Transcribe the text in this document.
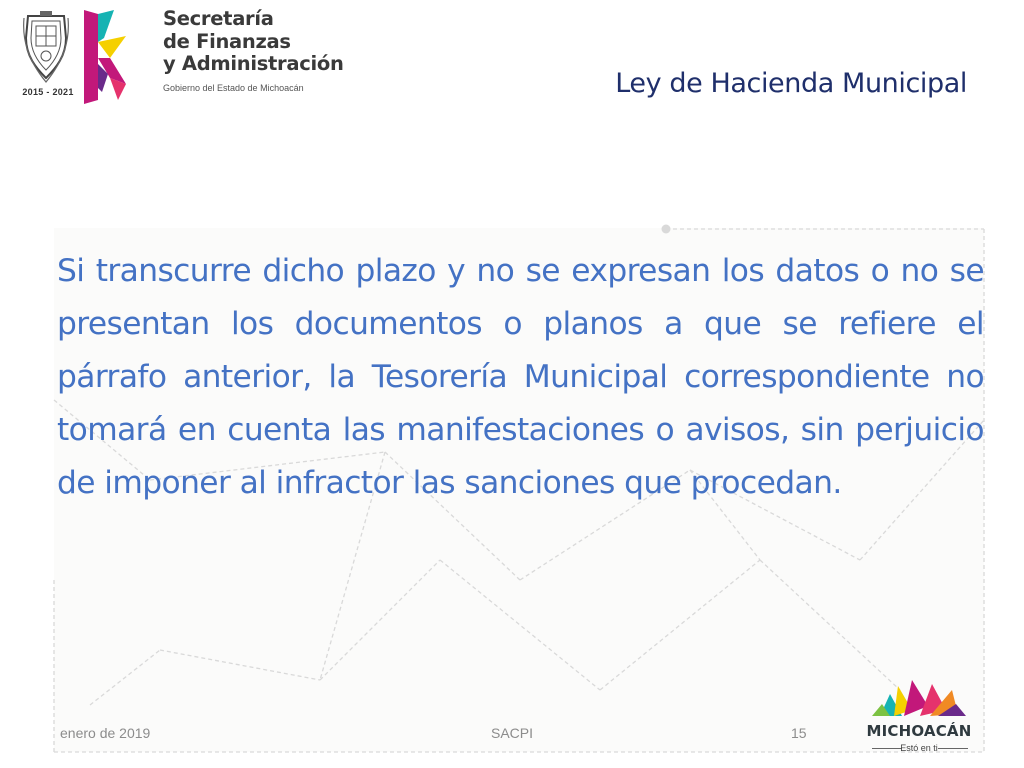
2015 - 2021
Secretaría
de Finanzas
y Administración
Gobierno del Estado de Michoacán	Ley de Hacienda Municipal
Si transcurre dicho plazo y no se expresan los datos o no se presentan los documentos o planos a que se refiere el párrafo anterior, la Tesorería Municipal correspondiente no tomará en cuenta las manifestaciones o avisos, sin perjuicio de imponer al infractor las sanciones que procedan.
enero de 2019	SACPI	15	MICHOACÁN
Estó en ti
